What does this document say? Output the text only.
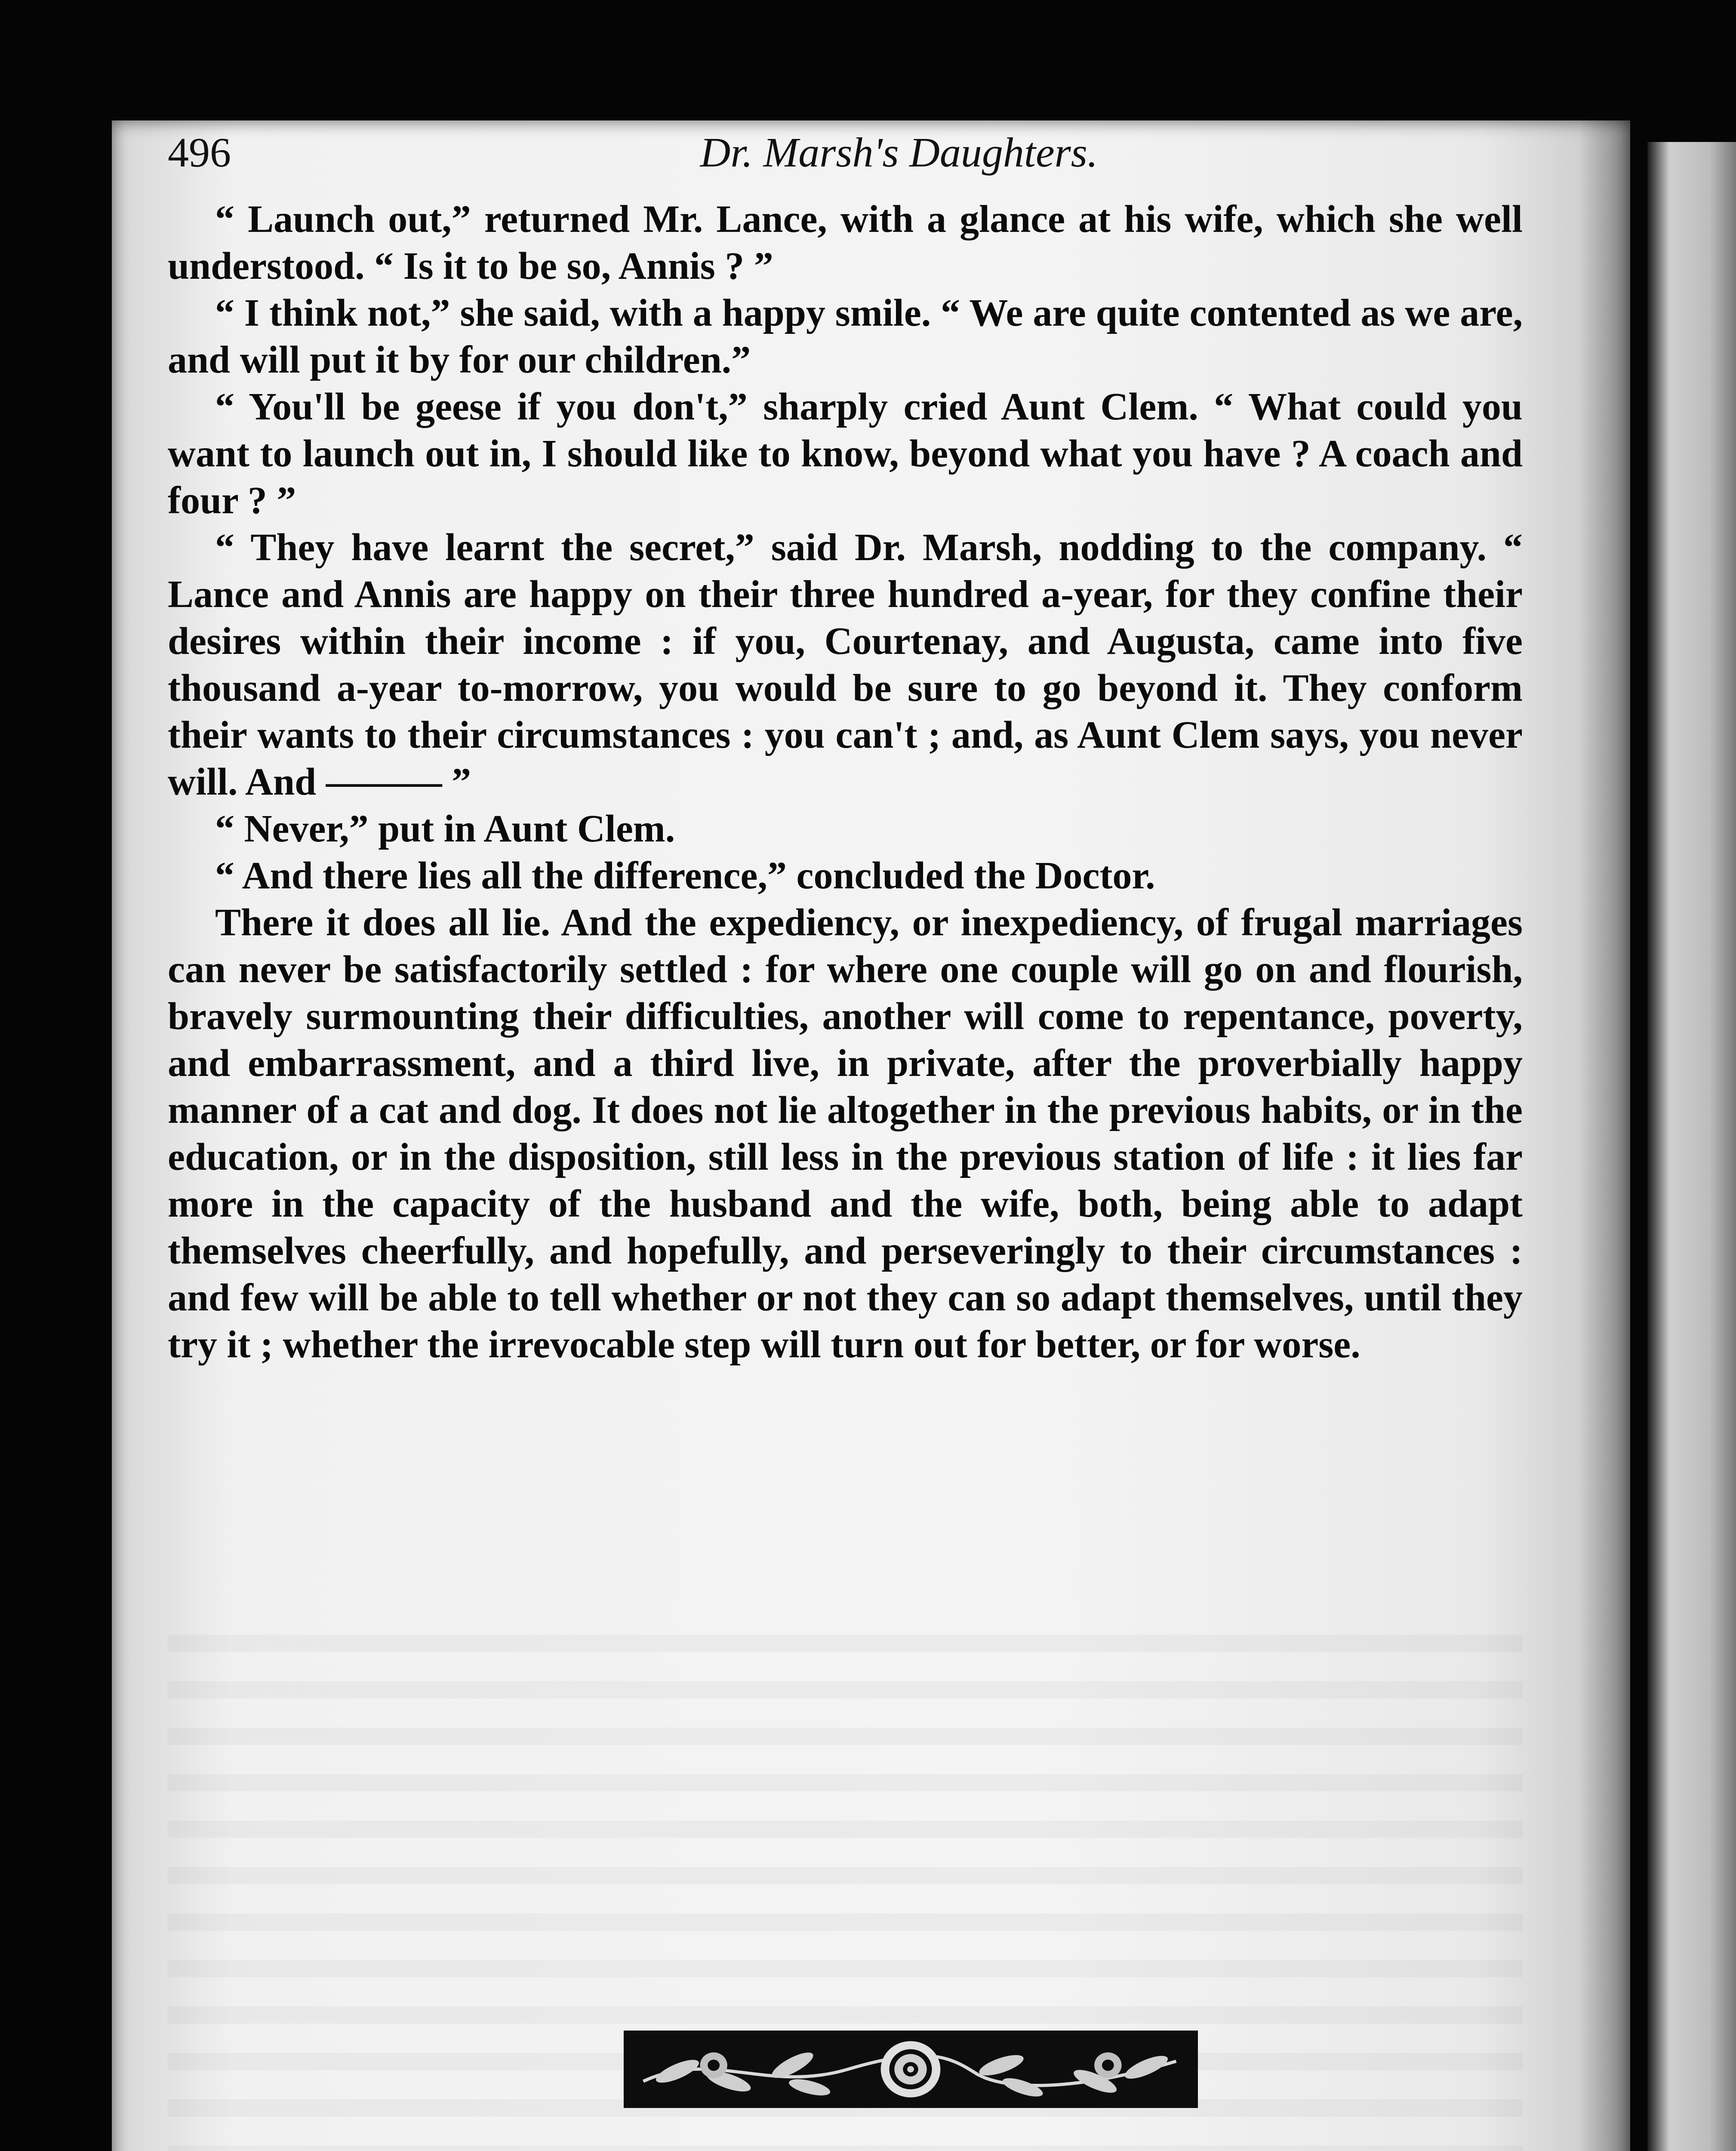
496	Dr. Marsh's Daughters.

“ Launch out,” returned Mr. Lance, with a glance at his wife, which she well understood. “ Is it to be so, Annis ? ”

“ I think not,” she said, with a happy smile. “ We are quite contented as we are, and will put it by for our children.”

“ You'll be geese if you don't,” sharply cried Aunt Clem. “ What could you want to launch out in, I should like to know, beyond what you have ? A coach and four ? ”

“ They have learnt the secret,” said Dr. Marsh, nodding to the company. “ Lance and Annis are happy on their three hundred a-year, for they confine their desires within their income : if you, Courtenay, and Augusta, came into five thousand a-year to-morrow, you would be sure to go beyond it. They conform their wants to their circumstances : you can't ; and, as Aunt Clem says, you never will. And ——— ”

“ Never,” put in Aunt Clem.

“ And there lies all the difference,” concluded the Doctor.

There it does all lie. And the expediency, or inexpediency, of frugal marriages can never be satisfactorily settled : for where one couple will go on and flourish, bravely surmounting their difficulties, another will come to repentance, poverty, and embarrassment, and a third live, in private, after the proverbially happy manner of a cat and dog. It does not lie altogether in the previous habits, or in the education, or in the disposition, still less in the previous station of life : it lies far more in the capacity of the husband and the wife, both, being able to adapt themselves cheerfully, and hopefully, and perseveringly to their circumstances : and few will be able to tell whether or not they can so adapt themselves, until they try it ; whether the irrevocable step will turn out for better, or for worse.
